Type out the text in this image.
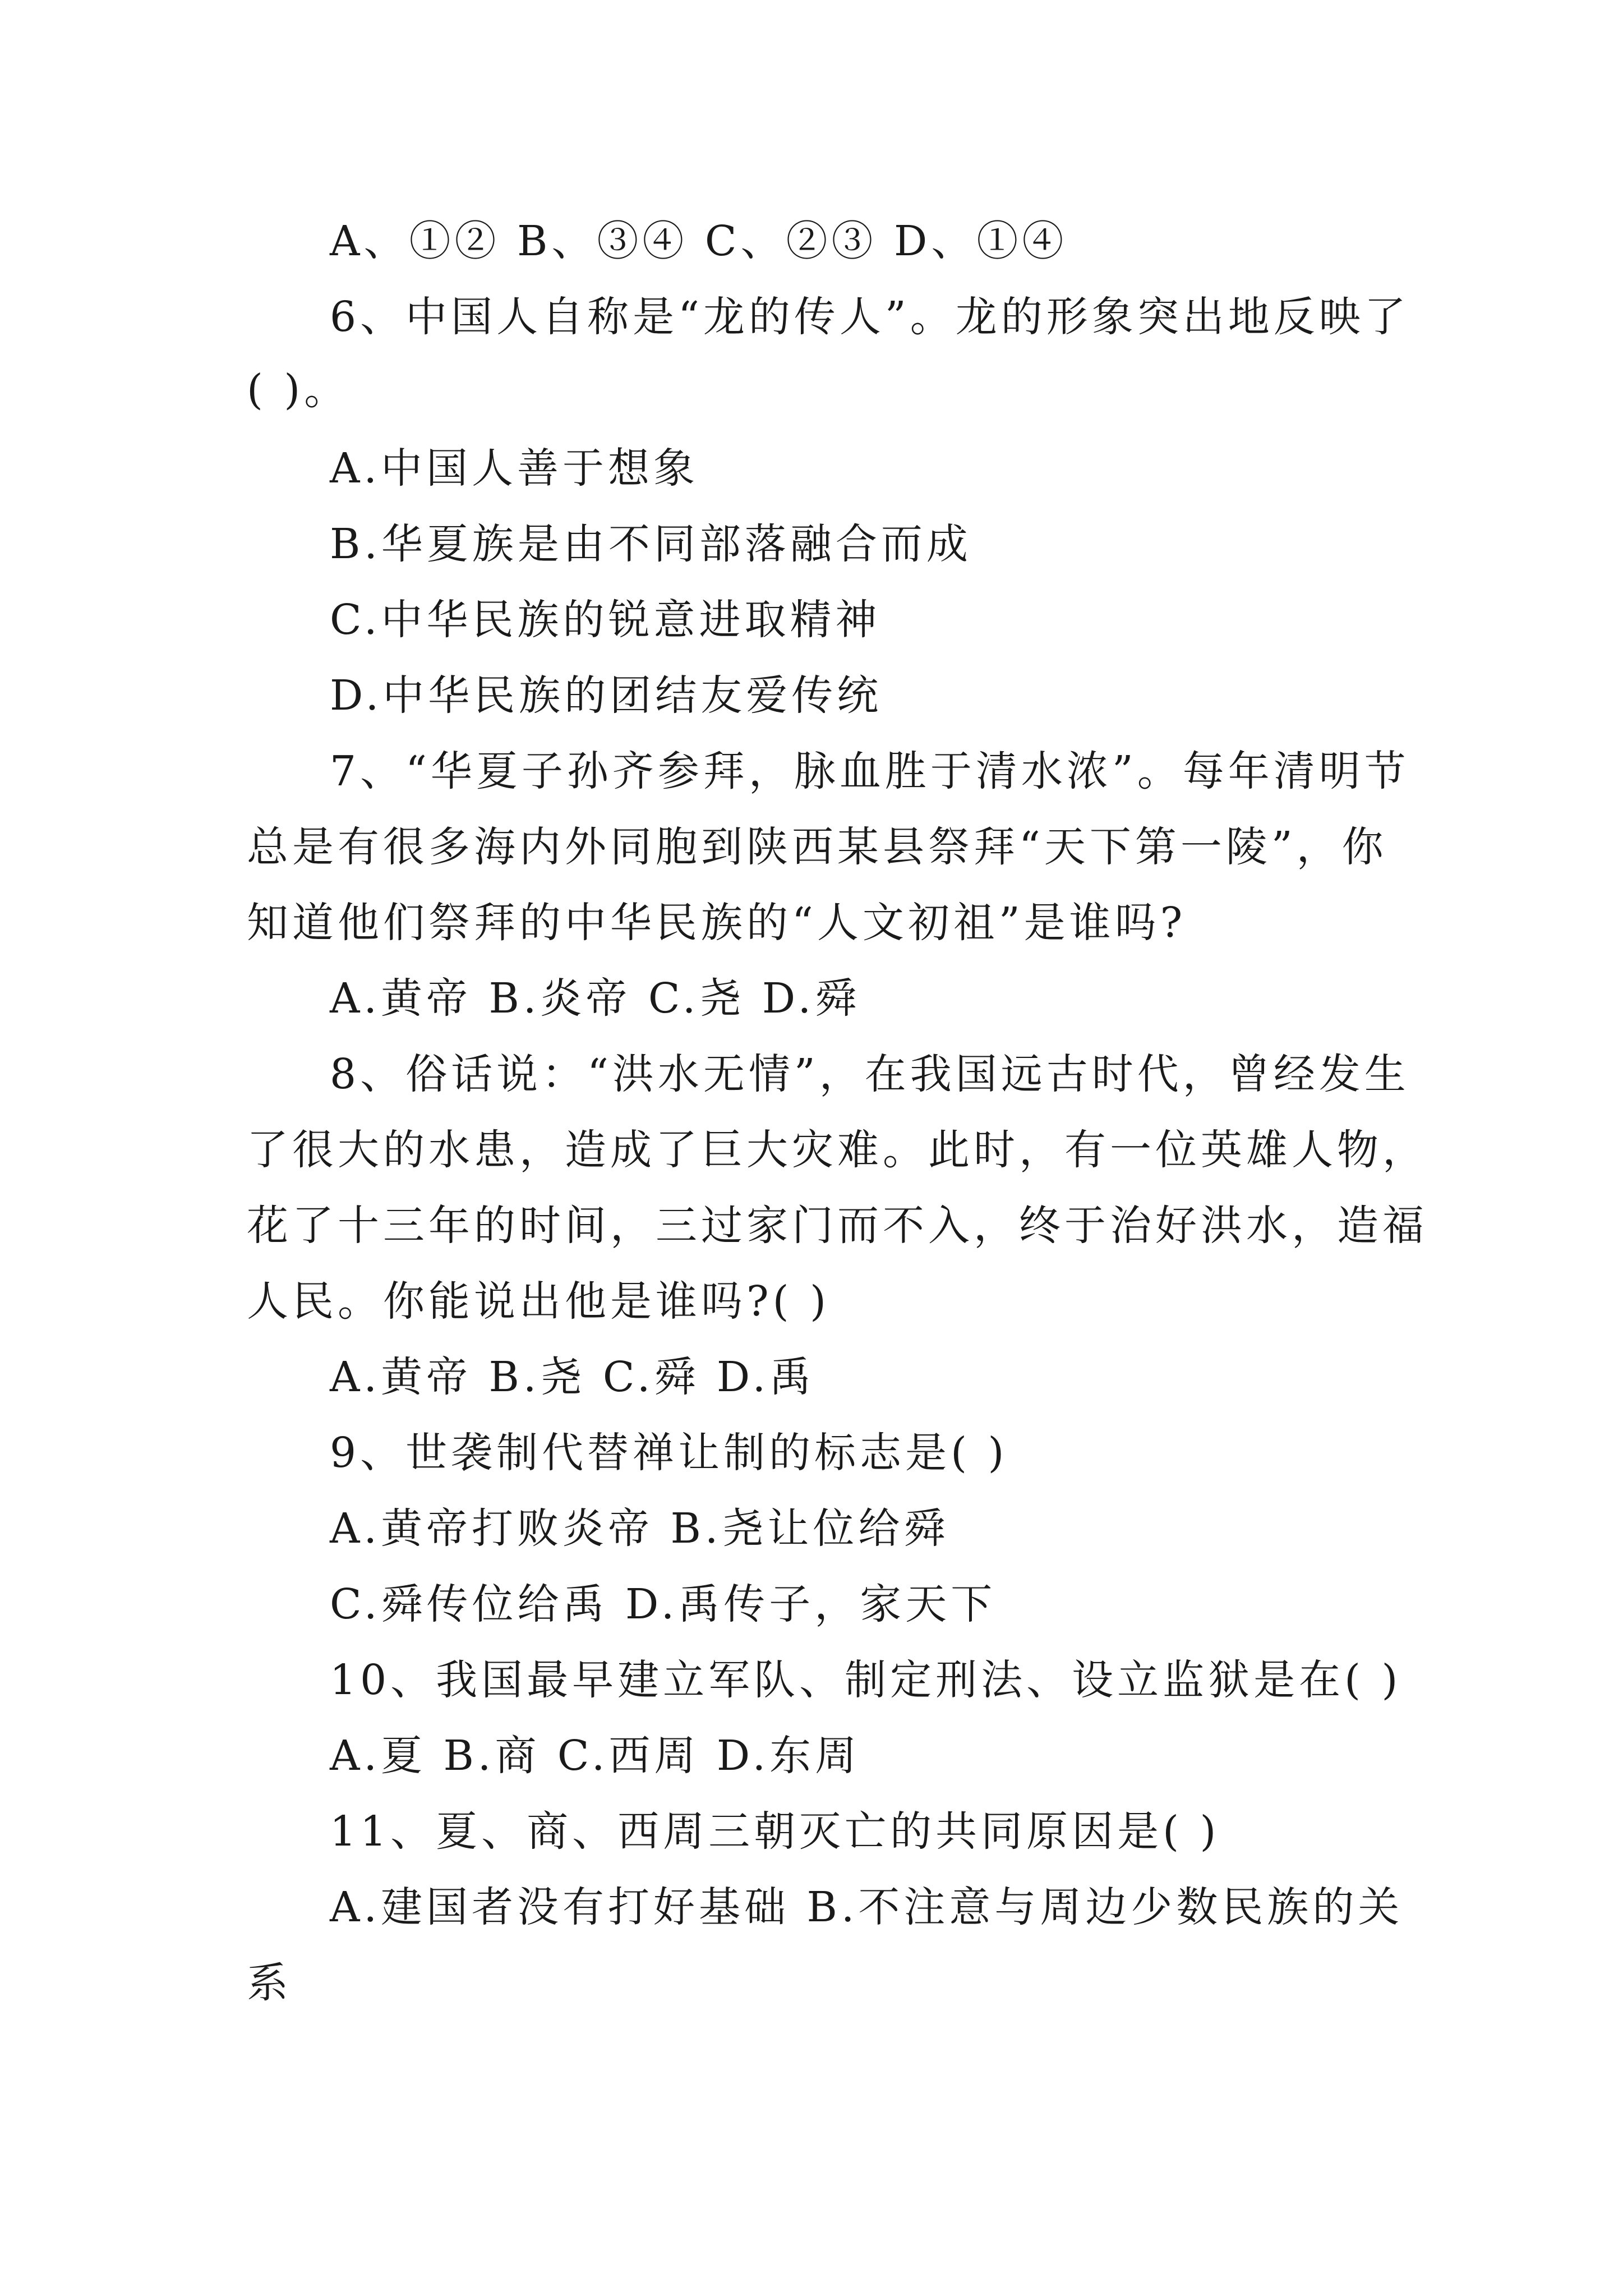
A、①② B、③④ C、②③ D、①④
6、中国人自称是“龙的传人”。龙的形象突出地反映了
( )。
A.中国人善于想象
B.华夏族是由不同部落融合而成
C.中华民族的锐意进取精神
D.中华民族的团结友爱传统
7、“华夏子孙齐参拜，脉血胜于清水浓”。每年清明节
总是有很多海内外同胞到陕西某县祭拜“天下第一陵”，你
知道他们祭拜的中华民族的“人文初祖”是谁吗?
A.黄帝 B.炎帝 C.尧 D.舜
8、俗话说：“洪水无情”，在我国远古时代，曾经发生
了很大的水患，造成了巨大灾难。此时，有一位英雄人物，
花了十三年的时间，三过家门而不入，终于治好洪水，造福
人民。你能说出他是谁吗?( )
A.黄帝 B.尧 C.舜 D.禹
9、世袭制代替禅让制的标志是( )
A.黄帝打败炎帝 B.尧让位给舜
C.舜传位给禹 D.禹传子，家天下
10、我国最早建立军队、制定刑法、设立监狱是在( )
A.夏 B.商 C.西周 D.东周
11、夏、商、西周三朝灭亡的共同原因是( )
A.建国者没有打好基础 B.不注意与周边少数民族的关
系
